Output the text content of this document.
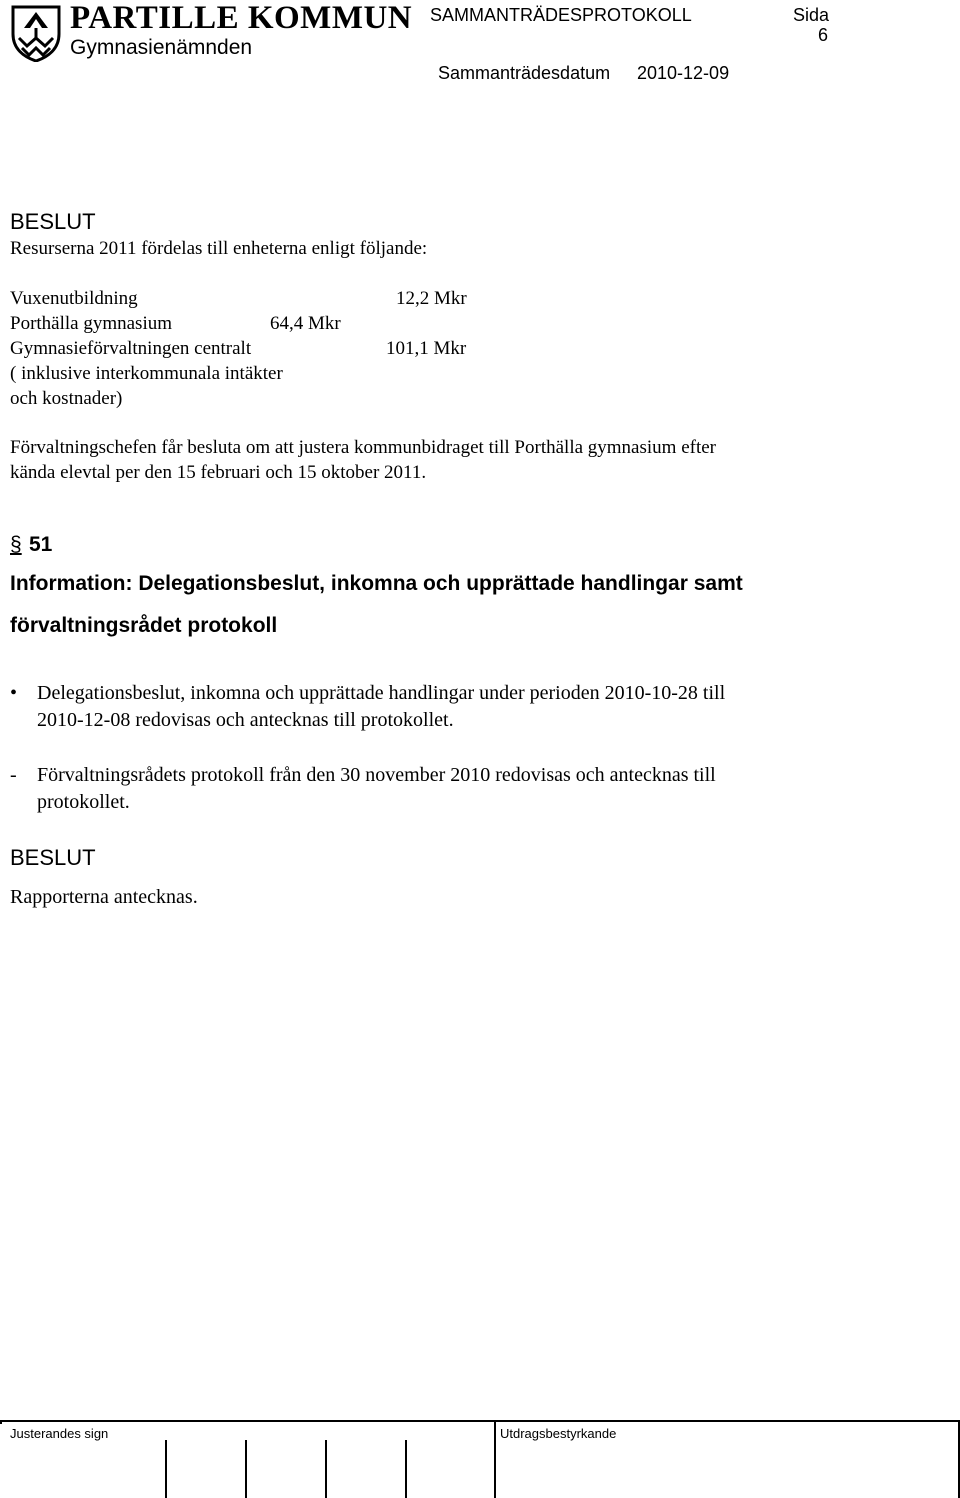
PARTILLE KOMMUN
Gymnasienämnden
SAMMANTRÄDESPROTOKOLL	Sida
6
Sammanträdesdatum 2010-12-09
BESLUT
Resurserna 2011 fördelas till enheterna enligt följande:
Vuxenutbildning	12,2 Mkr
Porthälla gymnasium	64,4 Mkr
Gymnasieförvaltningen centralt	101,1 Mkr
( inklusive interkommunala intäkter
och kostnader)
Förvaltningschefen får besluta om att justera kommunbidraget till Porthälla gymnasium efter
kända elevtal per den 15 februari och 15 oktober 2011.
§ 51
Information: Delegationsbeslut, inkomna och upprättade handlingar samt
förvaltningsrådet protokoll
• Delegationsbeslut, inkomna och upprättade handlingar under perioden 2010-10-28 till
2010-12-08 redovisas och antecknas till protokollet.
- Förvaltningsrådets protokoll från den 30 november 2010 redovisas och antecknas till
protokollet.
BESLUT
Rapporterna antecknas.
Justerandes sign	Utdragsbestyrkande
